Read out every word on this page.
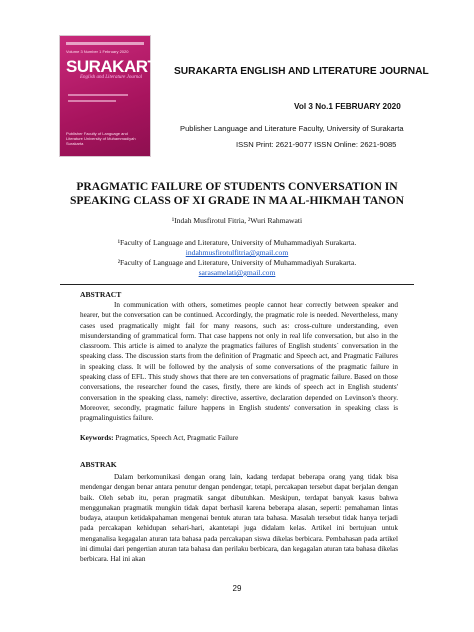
Volume 3 Number 1 February 2020
SURAKARTA
English and Literature Journal
Publisher Faculty of Language and Literature University of Muhammadiyah Surakarta
SURAKARTA ENGLISH AND LITERATURE JOURNAL
Vol 3 No.1 FEBRUARY 2020
Publisher Language and Literature Faculty, University of Surakarta
ISSN Print: 2621-9077 ISSN Online: 2621-9085
PRAGMATIC FAILURE OF STUDENTS CONVERSATION IN
SPEAKING CLASS OF XI GRADE IN MA AL-HIKMAH TANON
¹Indah Musfirotul Fitria, ²Wuri Rahmawati
¹Faculty of Language and Literature, University of Muhammadiyah Surakarta.
indahmusfirotulfitria@gmail.com
²Faculty of Language and Literature, University of Muhammadiyah Surakarta.
sarasamelati@gmail.com
ABSTRACT

In communication with others, sometimes people cannot hear correctly between speaker and hearer, but the conversation can be continued. Accordingly, the pragmatic role is needed. Nevertheless, many cases used pragmatically might fail for many reasons, such as: cross-culture understanding, even misunderstanding of grammatical form. That case happens not only in real life conversation, but also in the classroom. This article is aimed to analyze the pragmatics failures of English students` conversation in the speaking class. The discussion starts from the definition of Pragmatic and Speech act, and Pragmatic Failures in speaking class. It will be followed by the analysis of some conversations of the pragmatic failure in speaking class of EFL. This study shows that there are ten conversations of pragmatic failure. Based on those conversations, the researcher found the cases, firstly, there are kinds of speech act in English students' conversation in the speaking class, namely: directive, assertive, declaration depended on Levinson's theory. Moreover, secondly, pragmatic failure happens in English students' conversation in speaking class is pragmalinguistics failure.

Keywords: Pragmatics, Speech Act, Pragmatic Failure
ABSTRAK

Dalam berkomunikasi dengan orang lain, kadang terdapat beberapa orang yang tidak bisa mendengar dengan benar antara penutur dengan pendengar, tetapi, percakapan tersebut dapat berjalan dengan baik. Oleh sebab itu, peran pragmatik sangat dibutuhkan. Meskipun, terdapat banyak kasus bahwa menggunakan pragmatik mungkin tidak dapat berhasil karena beberapa alasan, seperti: pemahaman lintas budaya, ataupun ketidakpahaman mengenai bentuk aturan tata bahasa. Masalah tersebut tidak hanya terjadi pada percakapan kehidupan sehari-hari, akantetapi juga didalam kelas. Artikel ini bertujuan untuk menganalisa kegagalan aturan tata bahasa pada percakapan siswa dikelas berbicara. Pembahasan pada artikel ini dimulai dari pengertian aturan tata bahasa dan perilaku berbicara, dan kegagalan aturan tata bahasa dikelas berbicara. Hal ini akan

29
